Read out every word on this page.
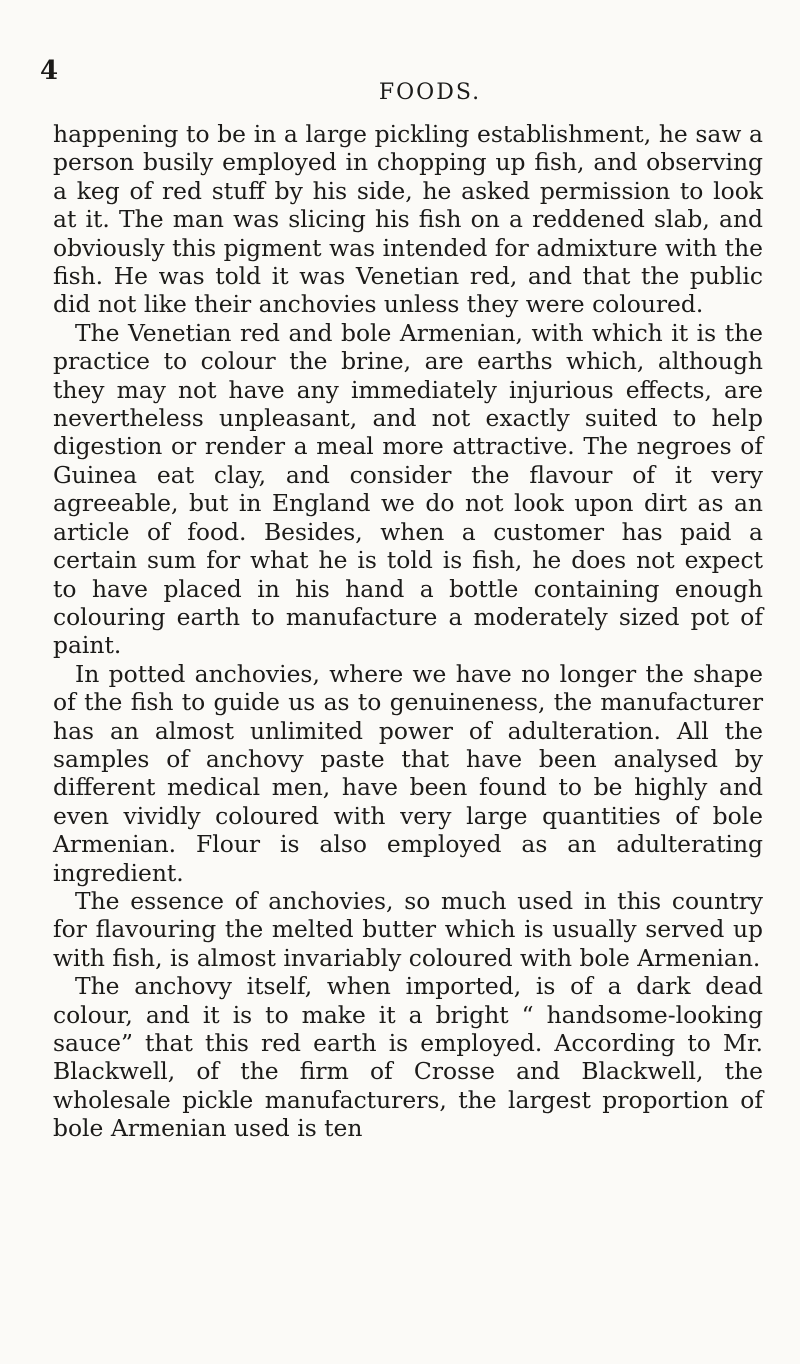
4
FOODS.

happening to be in a large pickling establishment, he saw a person busily employed in chopping up fish, and observing a keg of red stuff by his side, he asked permission to look at it. The man was slicing his fish on a reddened slab, and obviously this pigment was intended for admixture with the fish. He was told it was Venetian red, and that the public did not like their anchovies unless they were coloured.

The Venetian red and bole Armenian, with which it is the practice to colour the brine, are earths which, although they may not have any immediately injurious effects, are nevertheless unpleasant, and not exactly suited to help digestion or render a meal more attractive. The negroes of Guinea eat clay, and consider the flavour of it very agreeable, but in England we do not look upon dirt as an article of food. Besides, when a customer has paid a certain sum for what he is told is fish, he does not expect to have placed in his hand a bottle containing enough colouring earth to manufacture a moderately sized pot of paint.

In potted anchovies, where we have no longer the shape of the fish to guide us as to genuineness, the manufacturer has an almost unlimited power of adulteration. All the samples of anchovy paste that have been analysed by different medical men, have been found to be highly and even vividly coloured with very large quantities of bole Armenian. Flour is also employed as an adulterating ingredient.

The essence of anchovies, so much used in this country for flavouring the melted butter which is usually served up with fish, is almost invariably coloured with bole Armenian.

The anchovy itself, when imported, is of a dark dead colour, and it is to make it a bright “ handsome-looking sauce” that this red earth is employed. According to Mr. Blackwell, of the firm of Crosse and Blackwell, the wholesale pickle manufacturers, the largest proportion of bole Armenian used is ten
